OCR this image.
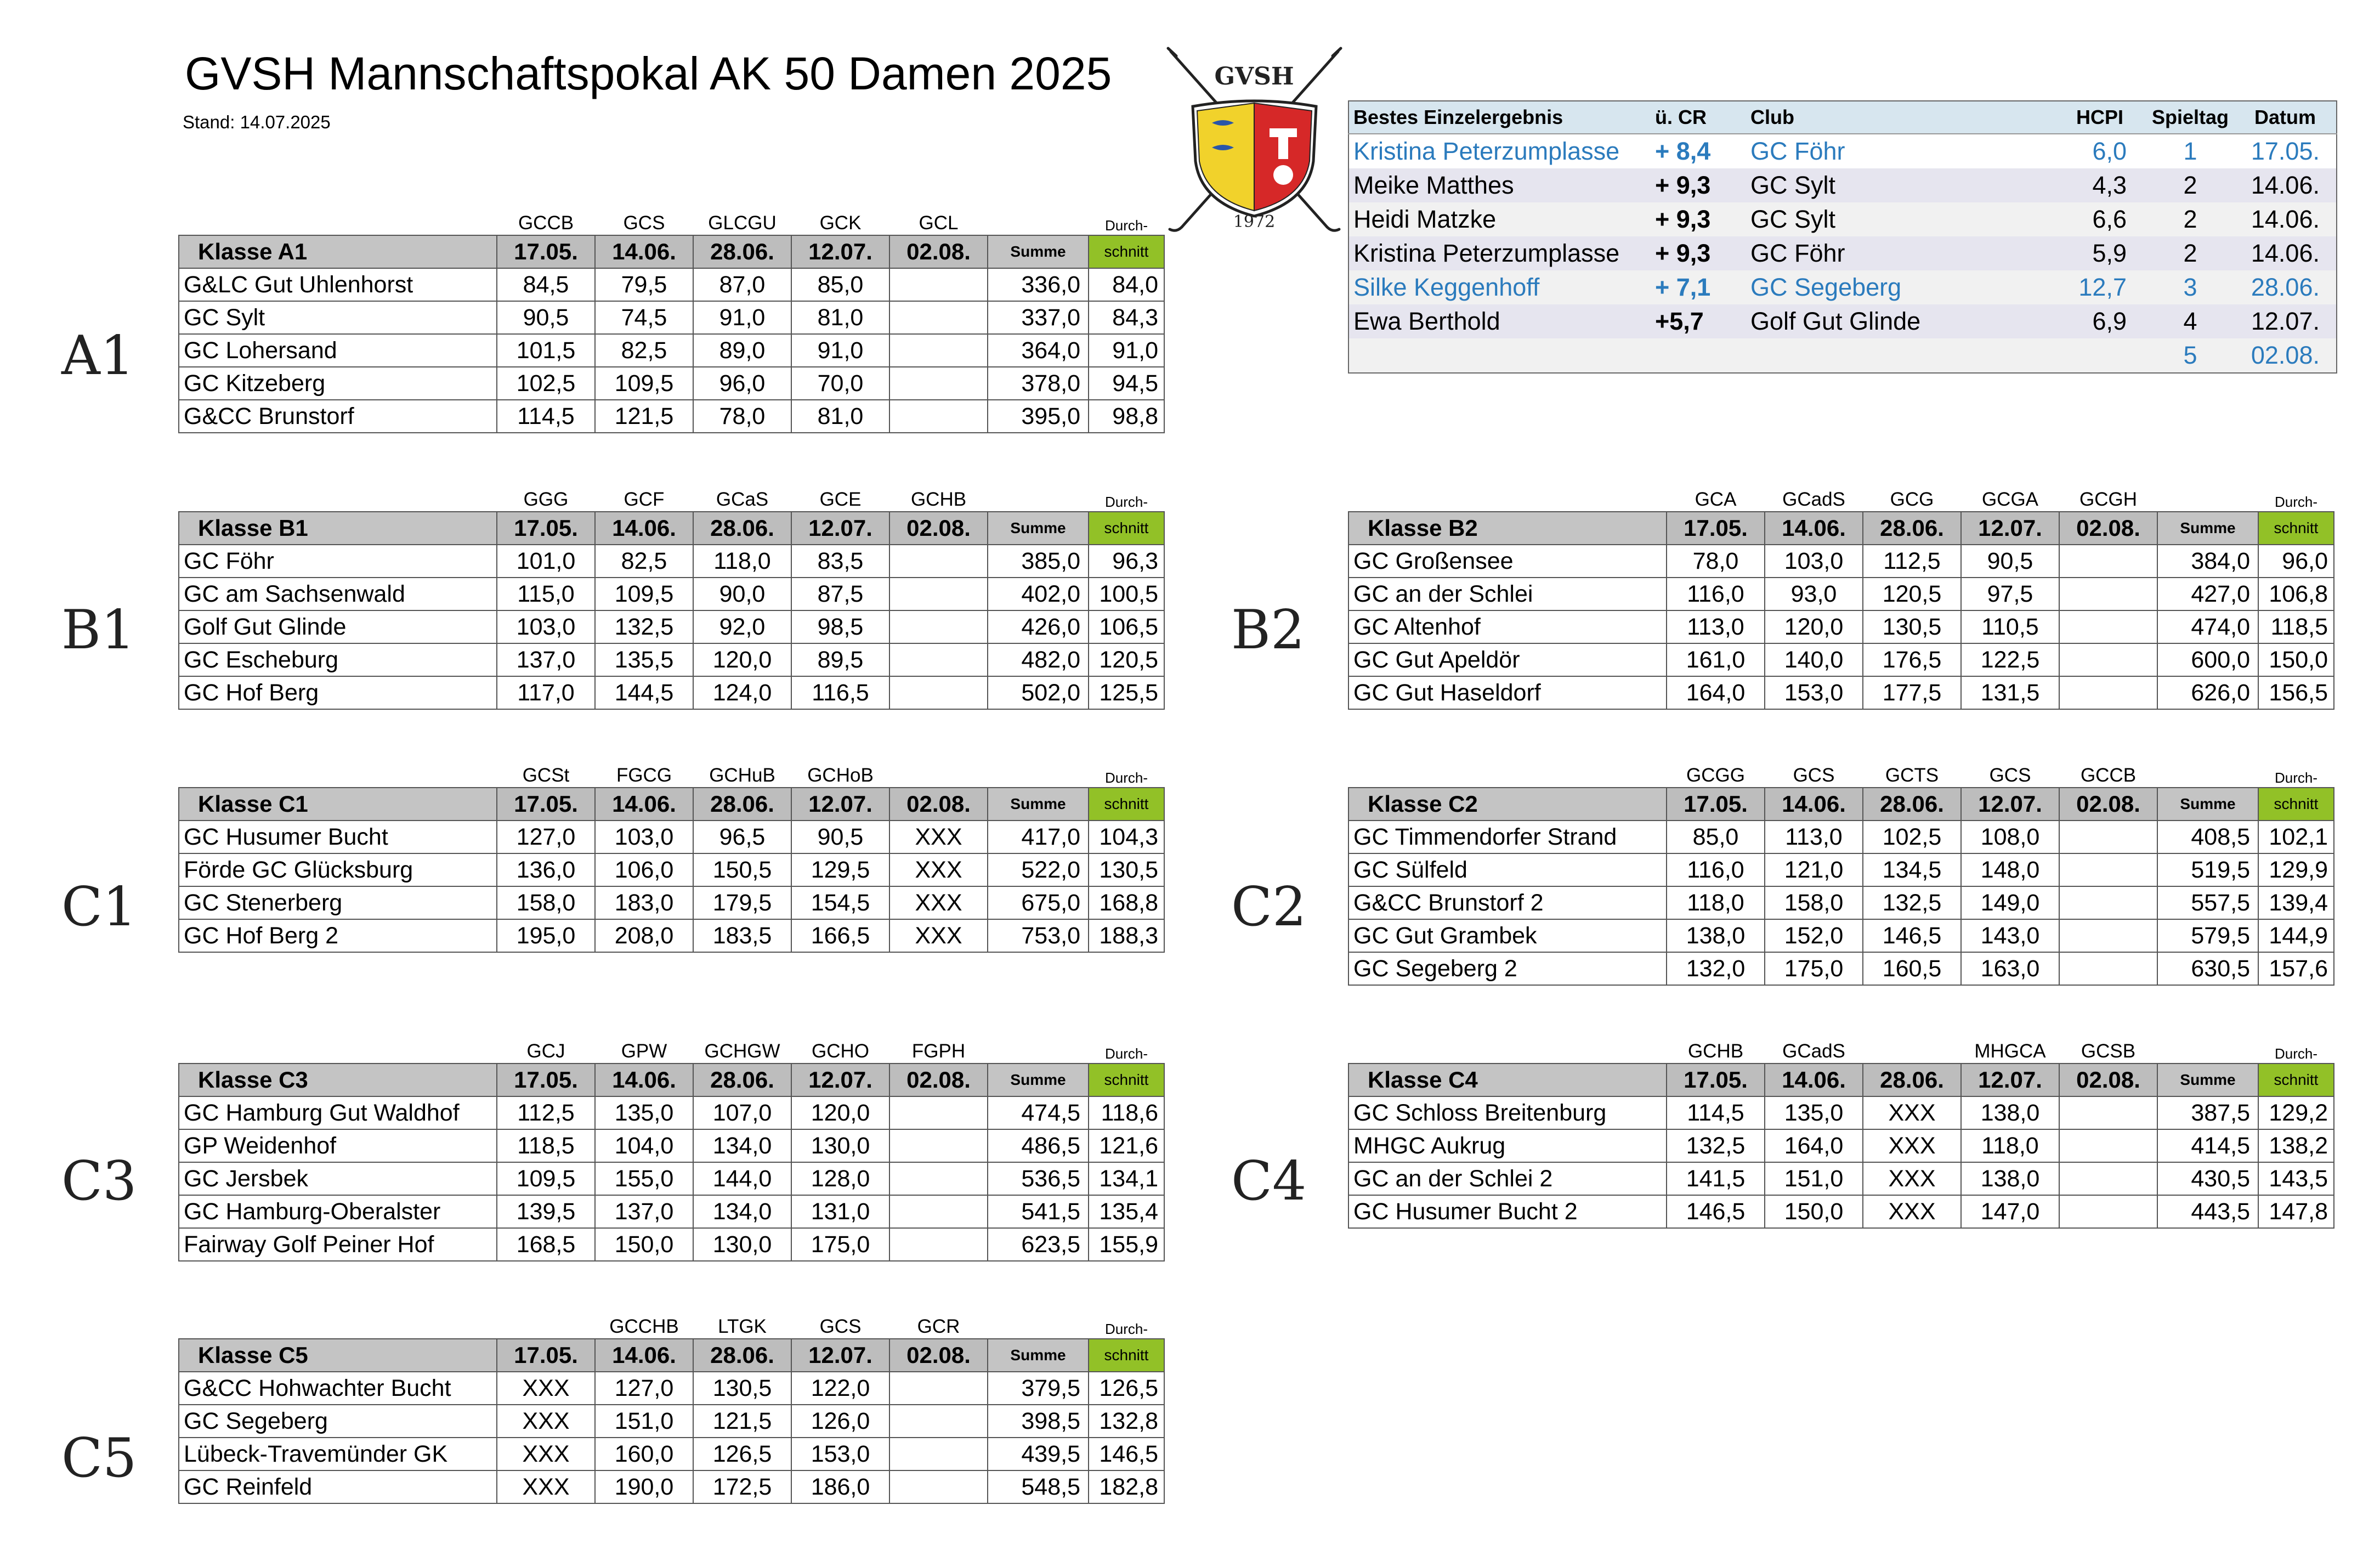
GVSH Mannschaftspokal AK 50 Damen 2025
Stand: 14.07.2025
GVSH
1972
Bestes Einzelergebnis	ü. CR	Club	HCPI	Spieltag	Datum
Kristina Peterzumplasse	+ 8,4	GC Föhr	6,0	1	17.05.
Meike Matthes	+ 9,3	GC Sylt	4,3	2	14.06.
Heidi Matzke	+ 9,3	GC Sylt	6,6	2	14.06.
Kristina Peterzumplasse	+ 9,3	GC Föhr	5,9	2	14.06.
Silke Keggenhoff	+ 7,1	GC Segeberg	12,7	3	28.06.
Ewa Berthold	+5,7	Golf Gut Glinde	6,9	4	12.07.
				5	02.08.
A1
	GCCB	GCS	GLCGU	GCK	GCL		Durch-
Klasse A1	17.05.	14.06.	28.06.	12.07.	02.08.	Summe	schnitt
G&LC Gut Uhlenhorst	84,5	79,5	87,0	85,0		336,0	84,0
GC Sylt	90,5	74,5	91,0	81,0		337,0	84,3
GC Lohersand	101,5	82,5	89,0	91,0		364,0	91,0
GC Kitzeberg	102,5	109,5	96,0	70,0		378,0	94,5
G&CC Brunstorf	114,5	121,5	78,0	81,0		395,0	98,8
B1
	GGG	GCF	GCaS	GCE	GCHB		Durch-
Klasse B1	17.05.	14.06.	28.06.	12.07.	02.08.	Summe	schnitt
GC Föhr	101,0	82,5	118,0	83,5		385,0	96,3
GC am Sachsenwald	115,0	109,5	90,0	87,5		402,0	100,5
Golf Gut Glinde	103,0	132,5	92,0	98,5		426,0	106,5
GC Escheburg	137,0	135,5	120,0	89,5		482,0	120,5
GC Hof Berg	117,0	144,5	124,0	116,5		502,0	125,5
B2
	GCA	GCadS	GCG	GCGA	GCGH		Durch-
Klasse B2	17.05.	14.06.	28.06.	12.07.	02.08.	Summe	schnitt
GC Großensee	78,0	103,0	112,5	90,5		384,0	96,0
GC an der Schlei	116,0	93,0	120,5	97,5		427,0	106,8
GC Altenhof	113,0	120,0	130,5	110,5		474,0	118,5
GC Gut Apeldör	161,0	140,0	176,5	122,5		600,0	150,0
GC Gut Haseldorf	164,0	153,0	177,5	131,5		626,0	156,5
C1
	GCSt	FGCG	GCHuB	GCHoB			Durch-
Klasse C1	17.05.	14.06.	28.06.	12.07.	02.08.	Summe	schnitt
GC Husumer Bucht	127,0	103,0	96,5	90,5	XXX	417,0	104,3
Förde GC Glücksburg	136,0	106,0	150,5	129,5	XXX	522,0	130,5
GC Stenerberg	158,0	183,0	179,5	154,5	XXX	675,0	168,8
GC Hof Berg 2	195,0	208,0	183,5	166,5	XXX	753,0	188,3 C2
	GCGG	GCS	GCTS	GCS	GCCB		Durch-
Klasse C2	17.05.	14.06.	28.06.	12.07.	02.08.	Summe	schnitt
GC Timmendorfer Strand	85,0	113,0	102,5	108,0		408,5	102,1
GC Sülfeld	116,0	121,0	134,5	148,0		519,5	129,9
G&CC Brunstorf 2	118,0	158,0	132,5	149,0		557,5	139,4
GC Gut Grambek	138,0	152,0	146,5	143,0		579,5	144,9
GC Segeberg 2	132,0	175,0	160,5	163,0		630,5	157,6
C3
	GCJ	GPW	GCHGW	GCHO	FGPH		Durch-
Klasse C3	17.05.	14.06.	28.06.	12.07.	02.08.	Summe	schnitt
GC Hamburg Gut Waldhof	112,5	135,0	107,0	120,0		474,5	118,6
GP Weidenhof	118,5	104,0	134,0	130,0		486,5	121,6
GC Jersbek	109,5	155,0	144,0	128,0		536,5	134,1
GC Hamburg-Oberalster	139,5	137,0	134,0	131,0		541,5	135,4
Fairway Golf Peiner Hof	168,5	150,0	130,0	175,0		623,5	155,9
C4
	GCHB	GCadS		MHGCA	GCSB		Durch-
Klasse C4	17.05.	14.06.	28.06.	12.07.	02.08.	Summe	schnitt
GC Schloss Breitenburg	114,5	135,0	XXX	138,0		387,5	129,2
MHGC Aukrug	132,5	164,0	XXX	118,0		414,5	138,2
GC an der Schlei 2	141,5	151,0	XXX	138,0		430,5	143,5
GC Husumer Bucht 2	146,5	150,0	XXX	147,0		443,5	147,8
C5
		GCCHB	LTGK	GCS	GCR		Durch-
Klasse C5	17.05.	14.06.	28.06.	12.07.	02.08.	Summe	schnitt
G&CC Hohwachter Bucht	XXX	127,0	130,5	122,0		379,5	126,5
GC Segeberg	XXX	151,0	121,5	126,0		398,5	132,8
Lübeck-Travemünder GK	XXX	160,0	126,5	153,0		439,5	146,5
GC Reinfeld	XXX	190,0	172,5	186,0		548,5	182,8
